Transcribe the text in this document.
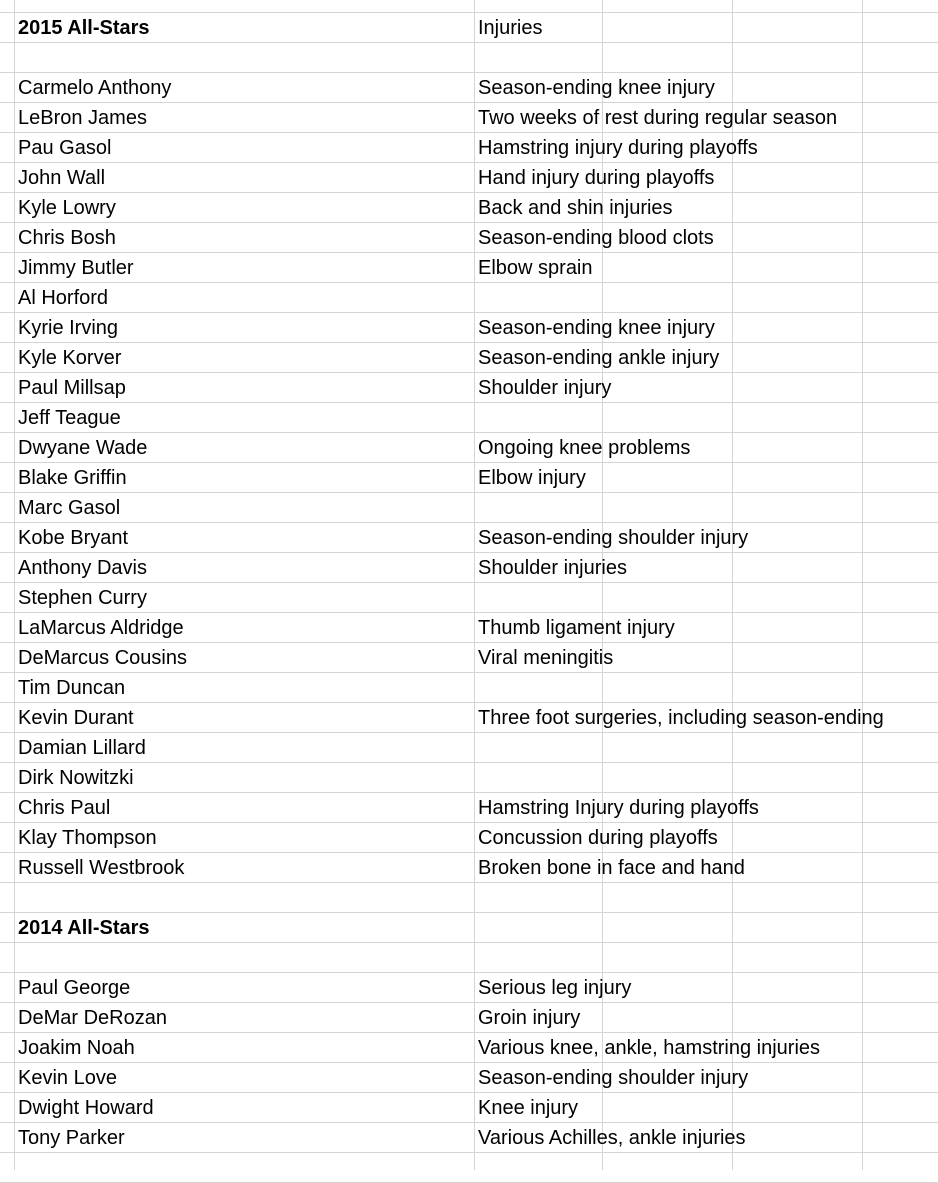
2015 All-Stars	Injuries
Carmelo Anthony	Season-ending knee injury
LeBron James	Two weeks of rest during regular season
Pau Gasol	Hamstring injury during playoffs
John Wall	Hand injury during playoffs
Kyle Lowry	Back and shin injuries
Chris Bosh	Season-ending blood clots
Jimmy Butler	Elbow sprain
Al Horford
Kyrie Irving	Season-ending knee injury
Kyle Korver	Season-ending ankle injury
Paul Millsap	Shoulder injury
Jeff Teague
Dwyane Wade	Ongoing knee problems
Blake Griffin	Elbow injury
Marc Gasol
Kobe Bryant	Season-ending shoulder injury
Anthony Davis	Shoulder injuries
Stephen Curry
LaMarcus Aldridge	Thumb ligament injury
DeMarcus Cousins	Viral meningitis
Tim Duncan
Kevin Durant	Three foot surgeries, including season-ending
Damian Lillard
Dirk Nowitzki
Chris Paul	Hamstring Injury during playoffs
Klay Thompson	Concussion during playoffs
Russell Westbrook	Broken bone in face and hand
2014 All-Stars
Paul George	Serious leg injury
DeMar DeRozan	Groin injury
Joakim Noah	Various knee, ankle, hamstring injuries
Kevin Love	Season-ending shoulder injury
Dwight Howard	Knee injury
Tony Parker	Various Achilles, ankle injuries
